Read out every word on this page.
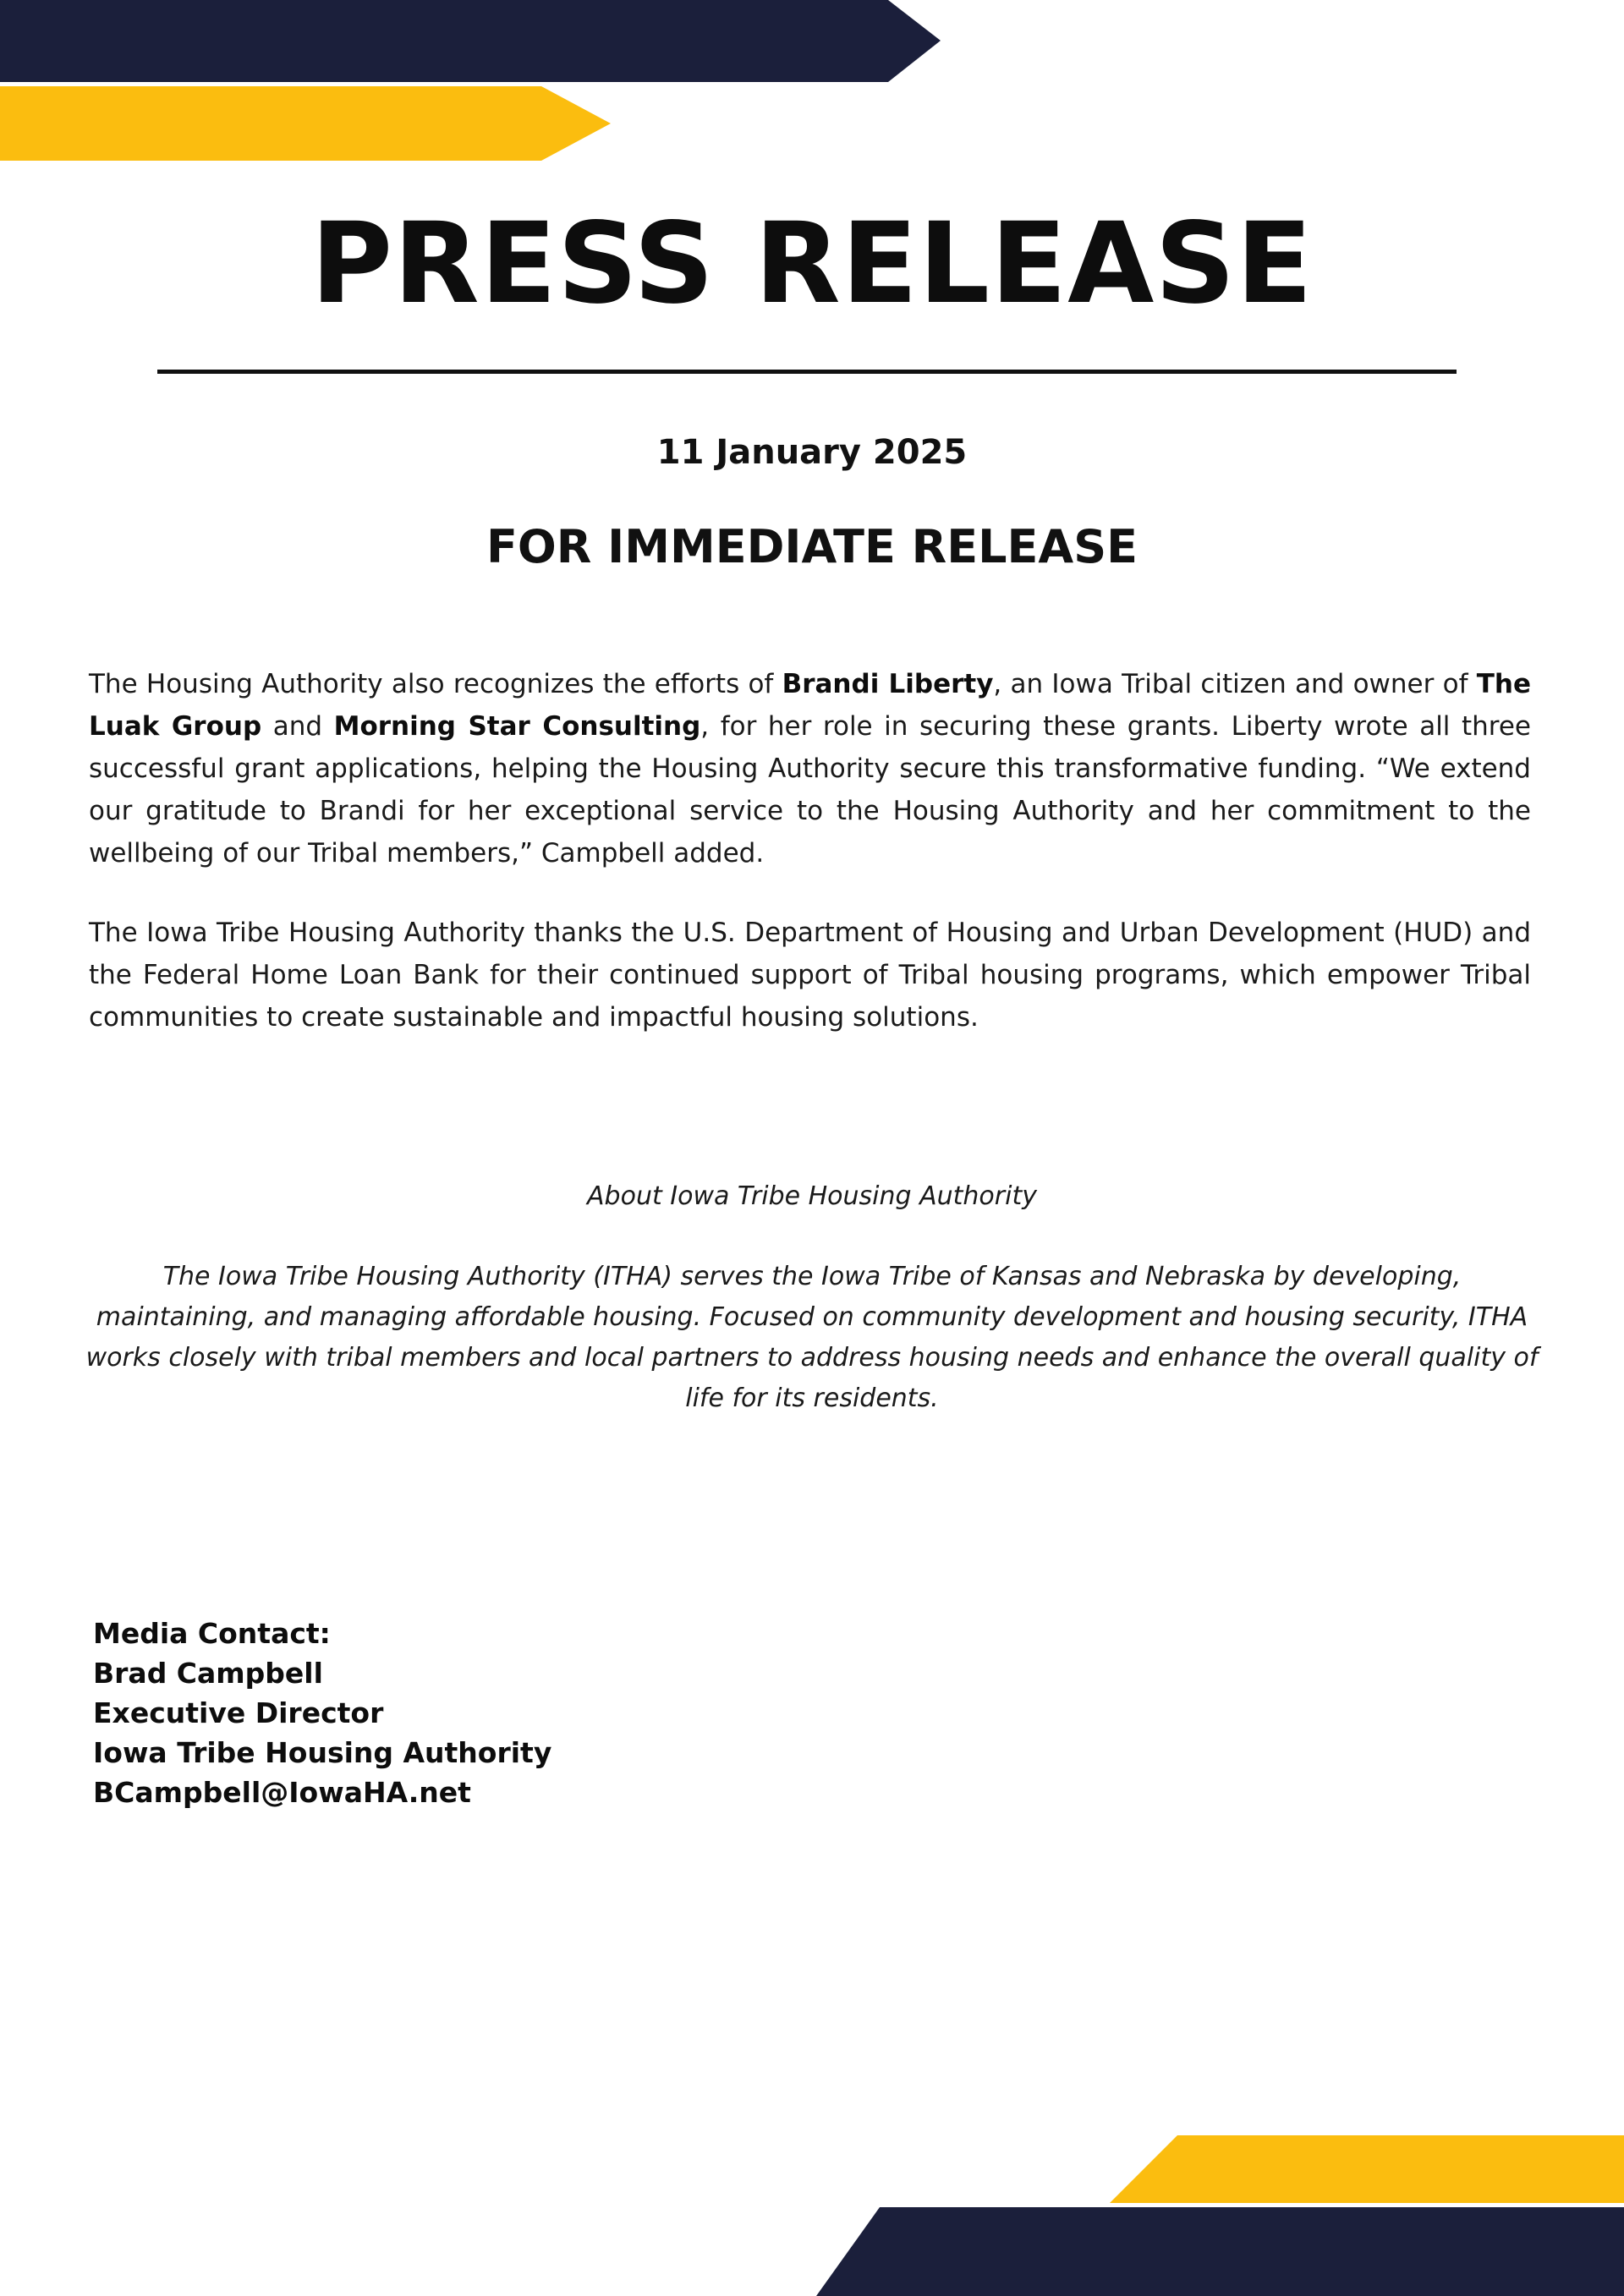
PRESS RELEASE
11 January 2025
FOR IMMEDIATE RELEASE

The Housing Authority also recognizes the efforts of Brandi Liberty, an Iowa Tribal citizen and owner of The Luak Group and Morning Star Consulting, for her role in securing these grants. Liberty wrote all three successful grant applications, helping the Housing Authority secure this transformative funding. “We extend our gratitude to Brandi for her exceptional service to the Housing Authority and her commitment to the wellbeing of our Tribal members,” Campbell added.

The Iowa Tribe Housing Authority thanks the U.S. Department of Housing and Urban Development (HUD) and the Federal Home Loan Bank for their continued support of Tribal housing programs, which empower Tribal communities to create sustainable and impactful housing solutions.

About Iowa Tribe Housing Authority

The Iowa Tribe Housing Authority (ITHA) serves the Iowa Tribe of Kansas and Nebraska by developing, maintaining, and managing affordable housing. Focused on community development and housing security, ITHA works closely with tribal members and local partners to address housing needs and enhance the overall quality of life for its residents.

Media Contact:
Brad Campbell
Executive Director
Iowa Tribe Housing Authority
BCampbell@IowaHA.net
